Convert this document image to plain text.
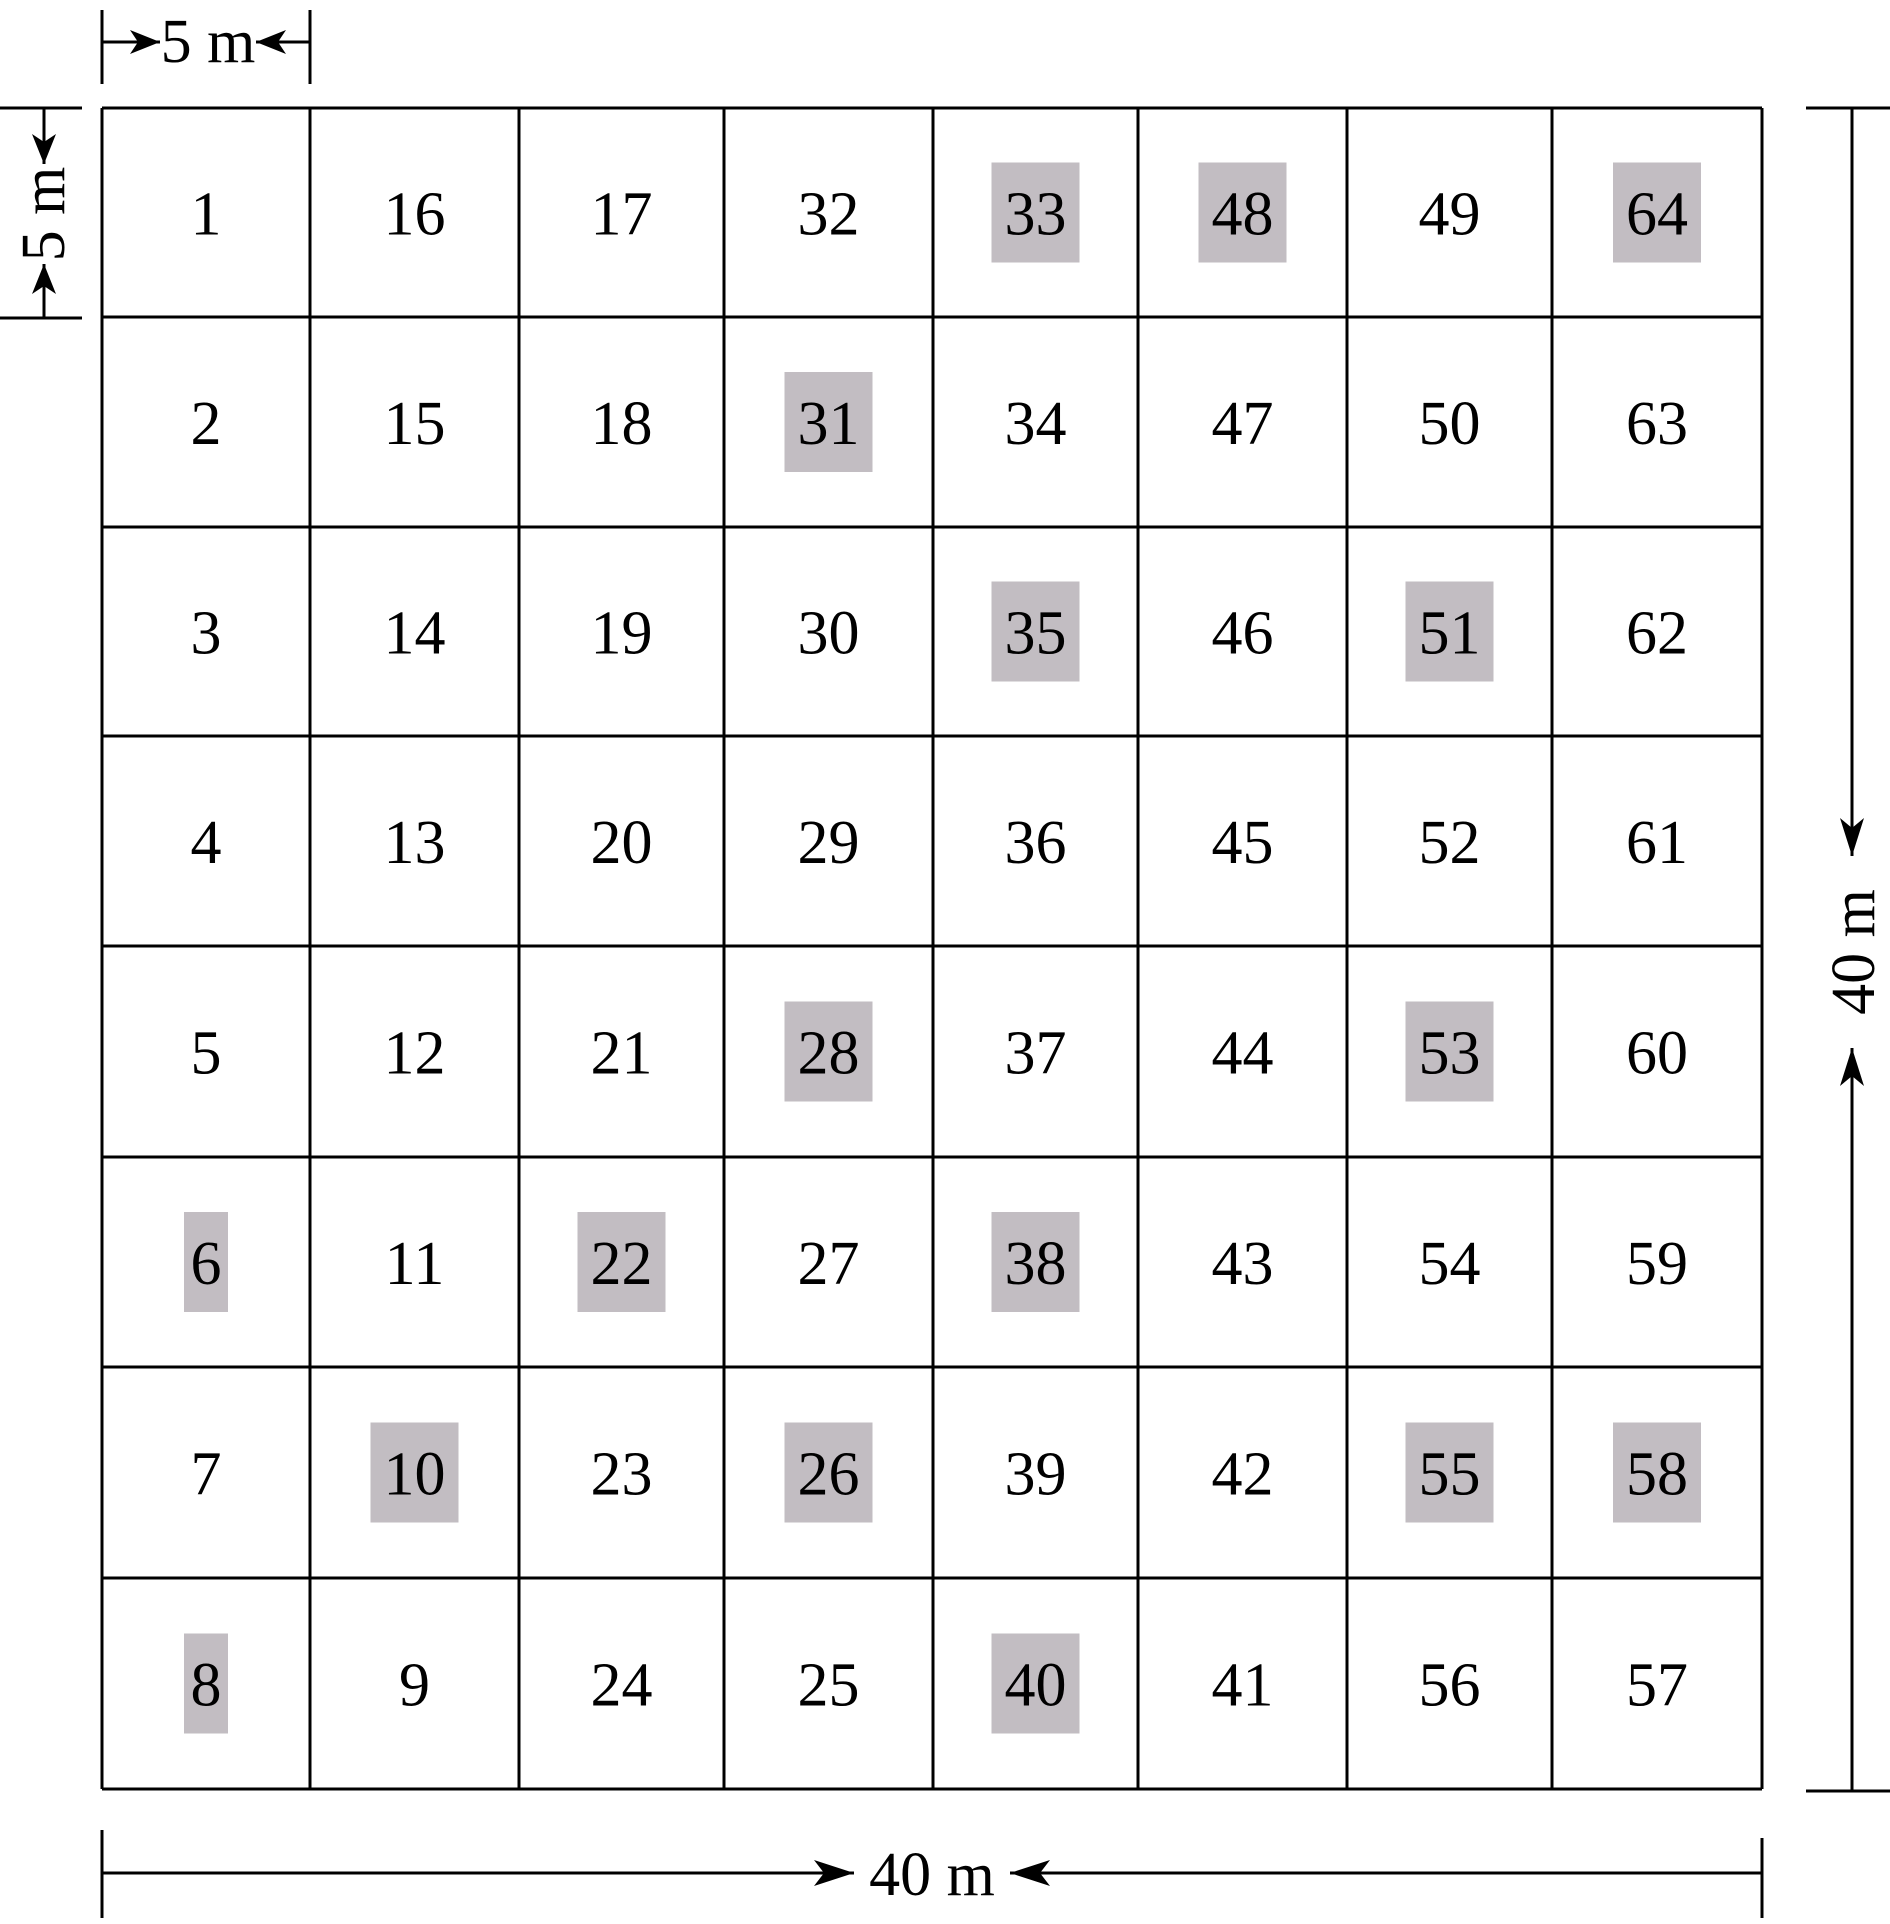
1	16 17 32 33 48 49 64
2	15 18 31 34 47 50 63
3	14 19 30 35 46 51 62
4	13 20 29 36 45 52 61
5	12 21 28 37 44 53 60
6	11 22 27 38 43 54 59
7	10 23 26 39 42 55 58
8	9	24 25 40 41 56 57
5 m
5 m
40 m
40 m
